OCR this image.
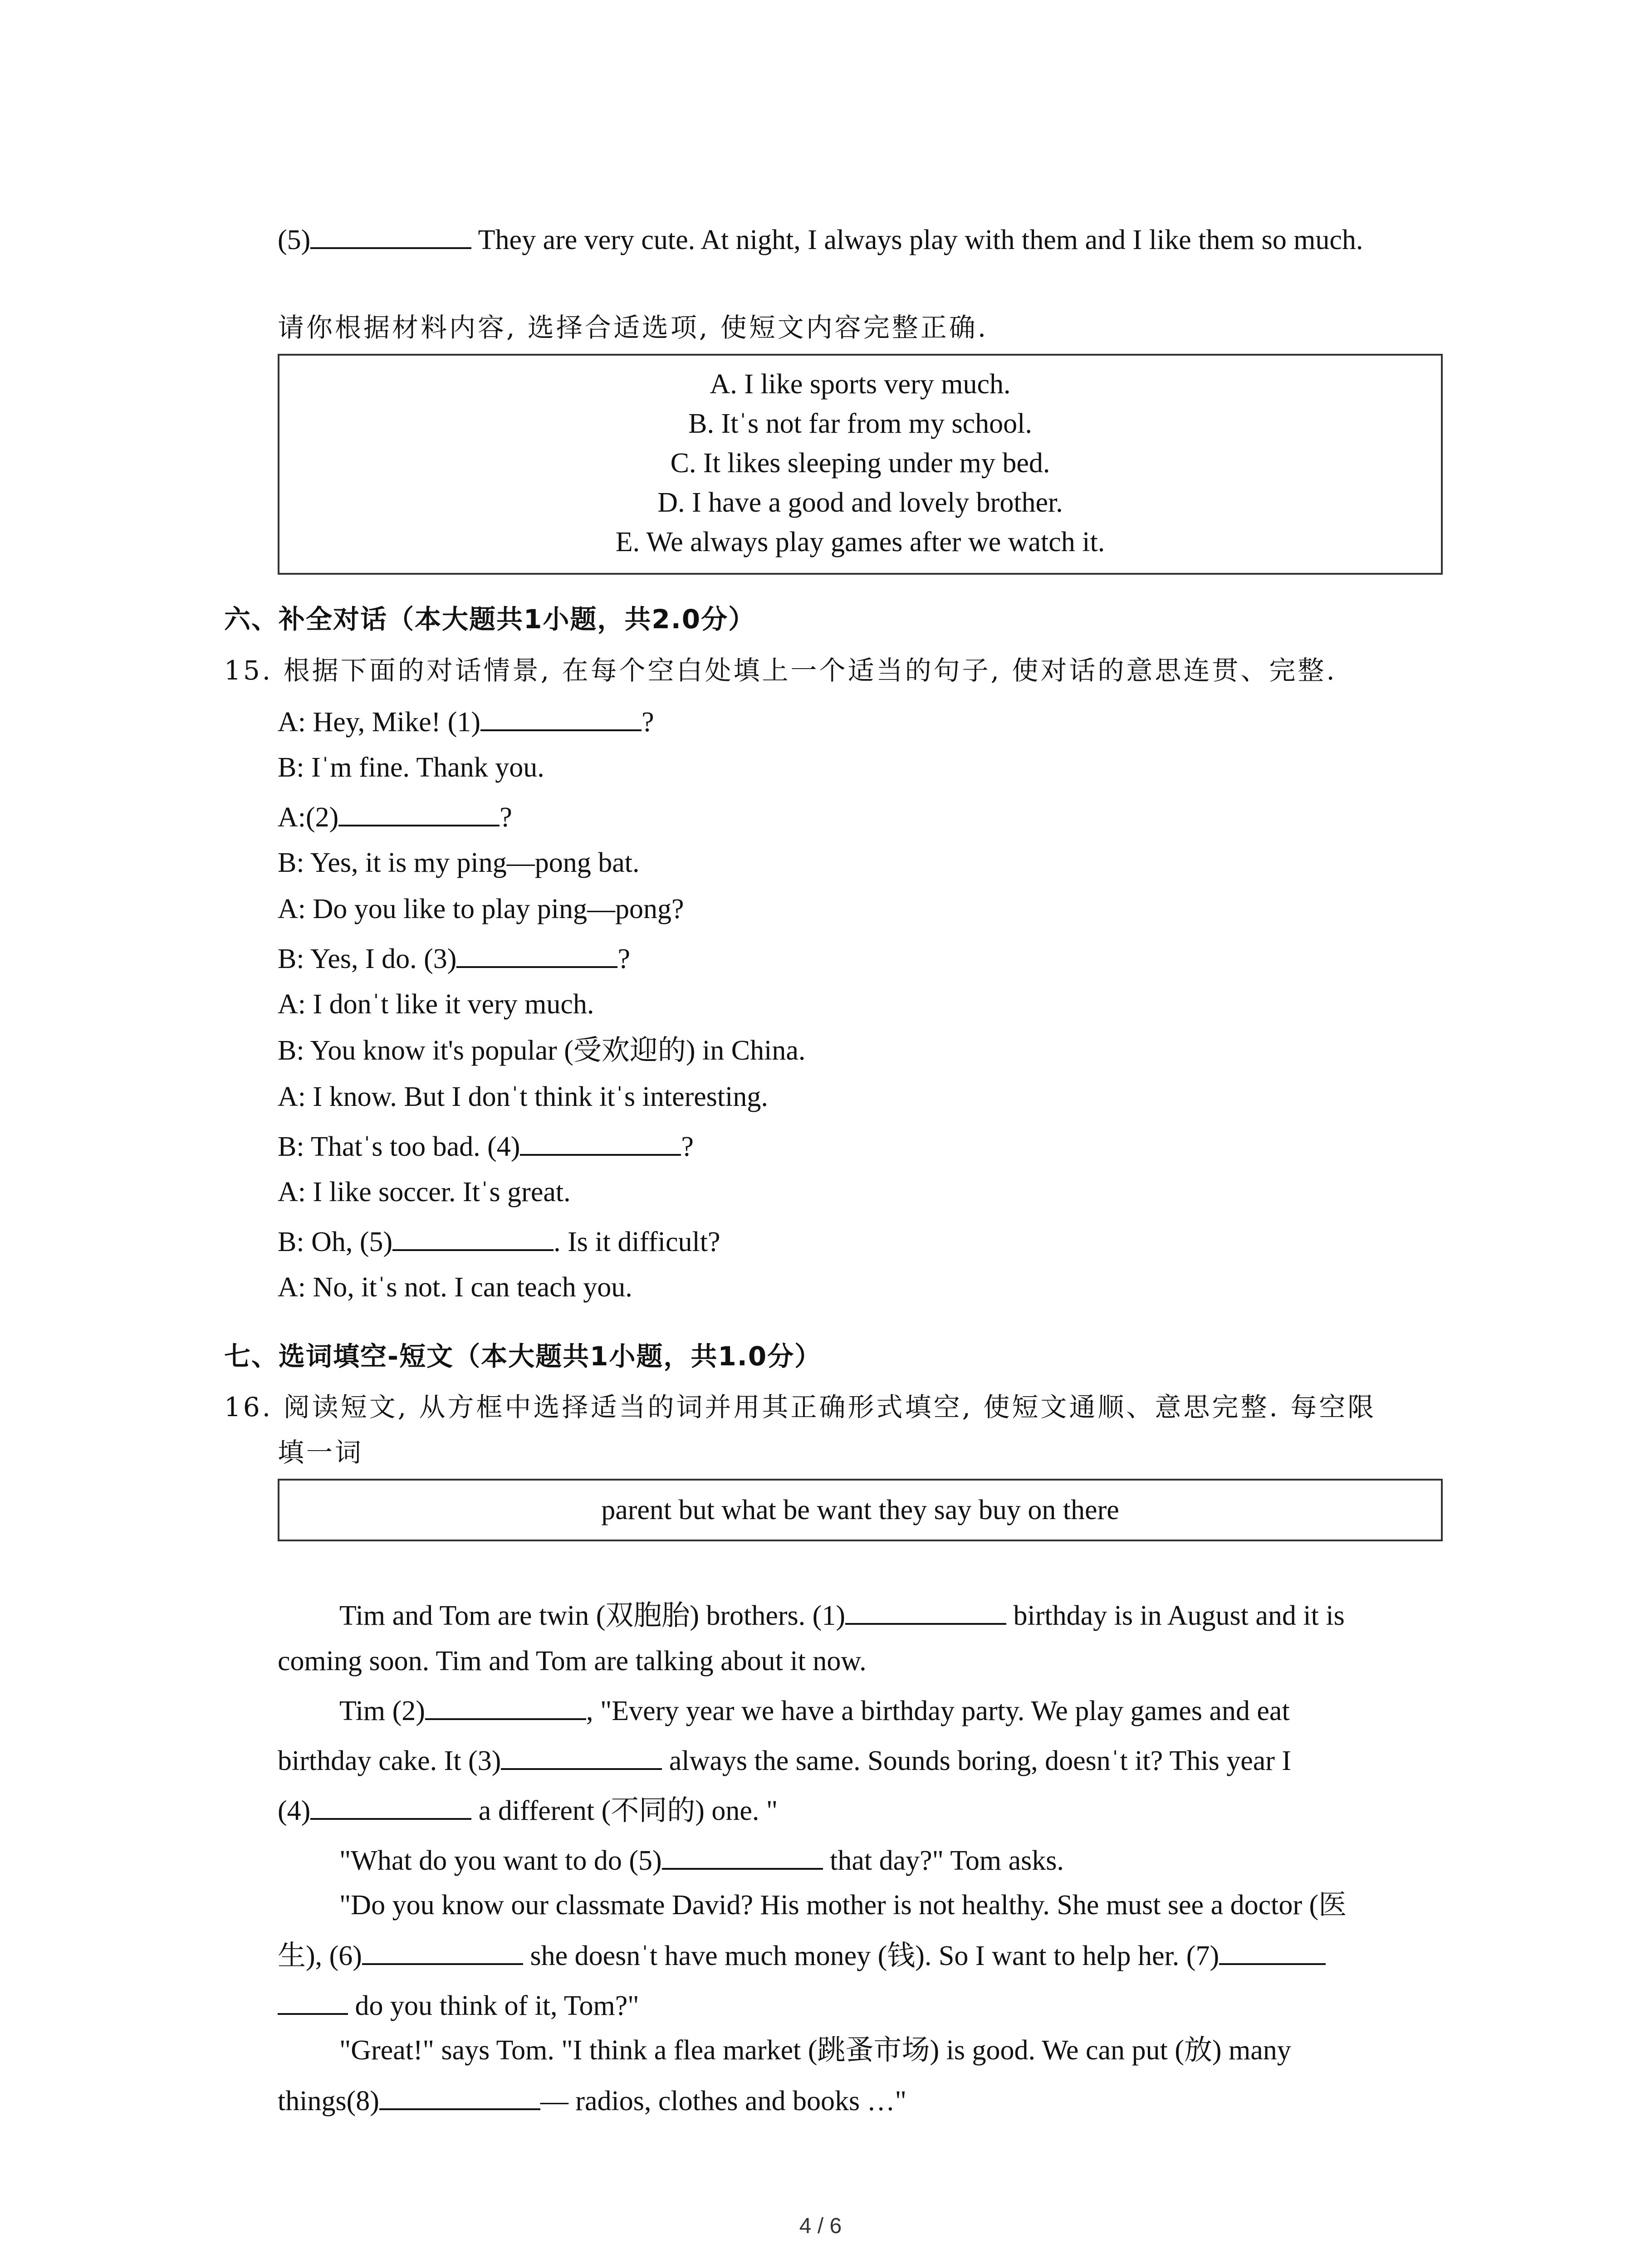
(5)	They are very cute. At night, I always play with them and I like them so much.
请你根据材料内容, 选择合适选项, 使短文内容完整正确.
A. I like sports very much.
B. Itˈs not far from my school.
C. It likes sleeping under my bed.
D. I have a good and lovely brother.
E. We always play games after we watch it.
六、补全对话（本大题共1小题，共2.0分）
15. 根据下面的对话情景, 在每个空白处填上一个适当的句子, 使对话的意思连贯、完整.
A: Hey, Mike! (1)	?
B: Iˈm fine. Thank you.
A:(2)	?
B: Yes, it is my ping—pong bat.
A: Do you like to play ping—pong?
B: Yes, I do. (3)	?
A: I donˈt like it very much.
B: You know it's popular (受欢迎的) in China.
A: I know. But I donˈt think itˈs interesting.
B: Thatˈs too bad. (4)	?
A: I like soccer. Itˈs great.
B: Oh, (5)	. Is it difficult?
A: No, itˈs not. I can teach you.
七、选词填空-短文（本大题共1小题，共1.0分）
16. 阅读短文, 从方框中选择适当的词并用其正确形式填空, 使短文通顺、意思完整. 每空限
填一词
parent but what be want they say buy on there
Tim and Tom are twin (双胞胎) brothers. (1)	birthday is in August and it is
coming soon. Tim and Tom are talking about it now.
Tim (2)	, "Every year we have a birthday party. We play games and eat
birthday cake. It (3)	always the same. Sounds boring, doesnˈt it? This year I
(4)	a different (不同的) one. "
"What do you want to do (5)	that day?" Tom asks.
"Do you know our classmate David? His mother is not healthy. She must see a doctor (医
生), (6)	she doesnˈt have much money (钱). So I want to help her. (7)
do you think of it, Tom?"
"Great!" says Tom. "I think a flea market (跳蚤市场) is good. We can put (放) many
things(8)	— radios, clothes and books …"
4 / 6
